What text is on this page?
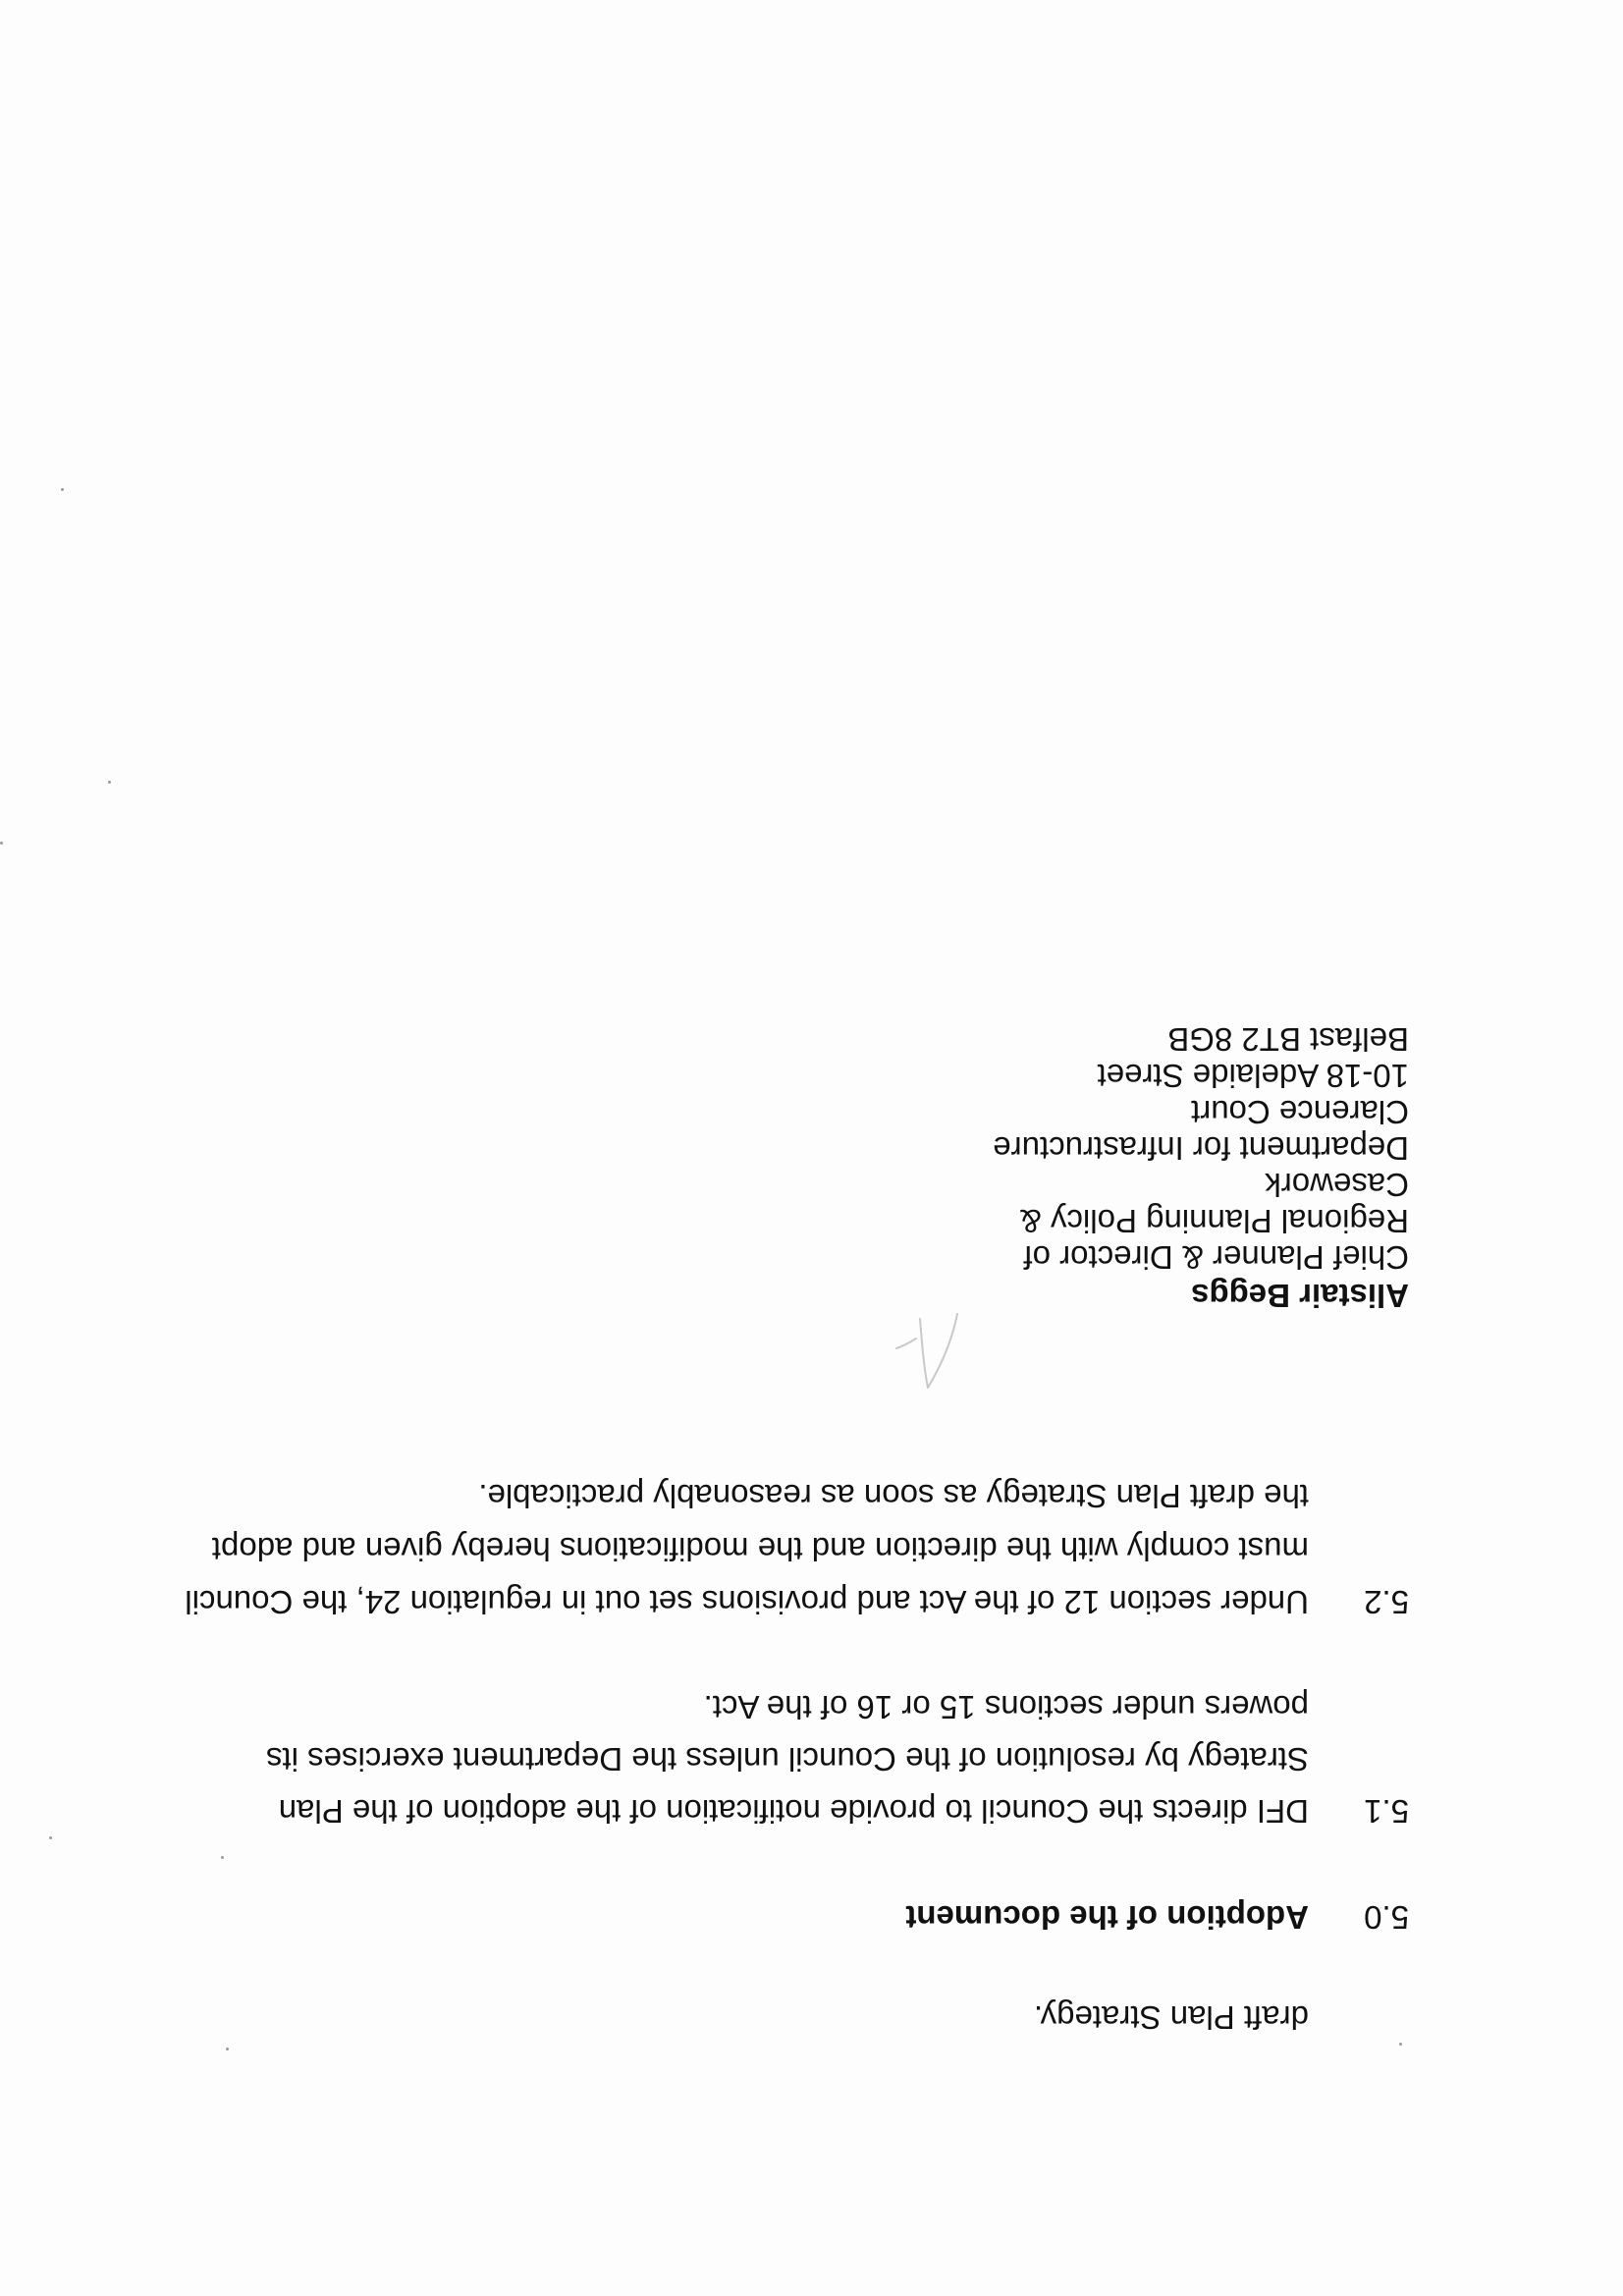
draft Plan Strategy.
5.0
Adoption of the document
5.1
DFI directs the Council to provide notification of the adoption of the Plan
Strategy by resolution of the Council unless the Department exercises its
powers under sections 15 or 16 of the Act.
5.2
Under section 12 of the Act and provisions set out in regulation 24, the Council
must comply with the direction and the modifications hereby given and adopt
the draft Plan Strategy as soon as reasonably practicable.
Alistair Beggs
Chief Planner & Director of
Regional Planning Policy &
Casework
Department for Infrastructure
Clarence Court
10-18 Adelaide Street
Belfast BT2 8GB
